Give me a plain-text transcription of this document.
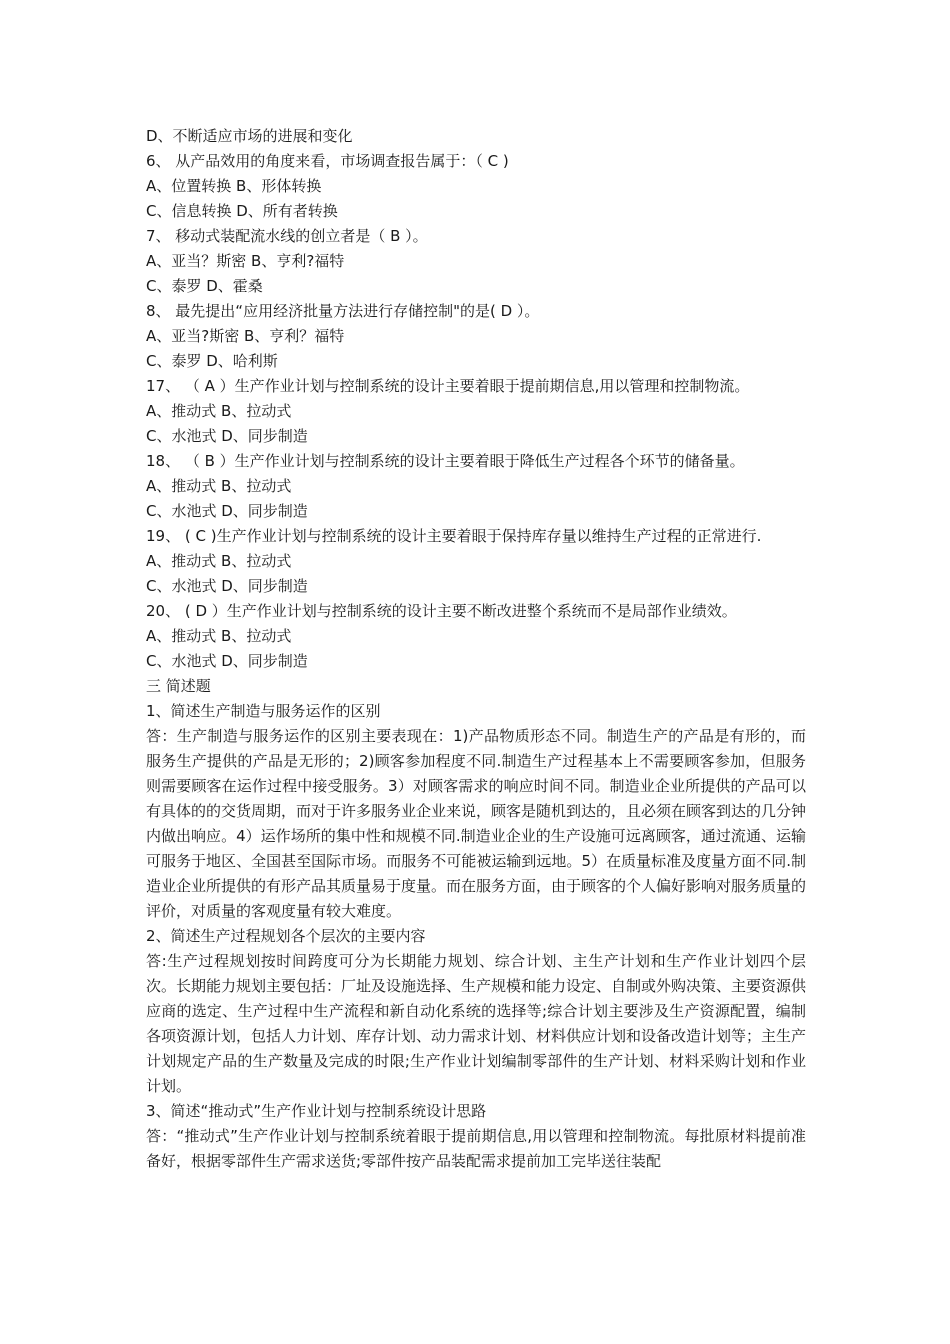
D、不断适应市场的进展和变化

6、 从产品效用的角度来看，市场调查报告属于：（ C )

A、位置转换 B、形体转换

C、信息转换 D、所有者转换

7、 移动式装配流水线的创立者是（ B ）。

A、亚当？斯密 B、亨利?福特

C、泰罗 D、霍桑

8、 最先提出“应用经济批量方法进行存储控制"的是( D ）。

A、亚当?斯密 B、亨利？福特

C、泰罗 D、哈利斯

17、 （ A ）生产作业计划与控制系统的设计主要着眼于提前期信息,用以管理和控制物流。

A、推动式 B、拉动式

C、水池式 D、同步制造

18、 （ B ）生产作业计划与控制系统的设计主要着眼于降低生产过程各个环节的储备量。

A、推动式 B、拉动式

C、水池式 D、同步制造

19、 ( C )生产作业计划与控制系统的设计主要着眼于保持库存量以维持生产过程的正常进行.

A、推动式 B、拉动式

C、水池式 D、同步制造

20、 ( D ）生产作业计划与控制系统的设计主要不断改进整个系统而不是局部作业绩效。

A、推动式 B、拉动式

C、水池式 D、同步制造

三 简述题

1、简述生产制造与服务运作的区别

答：生产制造与服务运作的区别主要表现在：1)产品物质形态不同。制造生产的产品是有形的，而服务生产提供的产品是无形的；2)顾客参加程度不同.制造生产过程基本上不需要顾客参加，但服务则需要顾客在运作过程中接受服务。3）对顾客需求的响应时间不同。制造业企业所提供的产品可以有具体的的交货周期，而对于许多服务业企业来说，顾客是随机到达的，且必须在顾客到达的几分钟内做出响应。4）运作场所的集中性和规模不同.制造业企业的生产设施可远离顾客，通过流通、运输可服务于地区、全国甚至国际市场。而服务不可能被运输到远地。5）在质量标准及度量方面不同.制造业企业所提供的有形产品其质量易于度量。而在服务方面，由于顾客的个人偏好影响对服务质量的评价，对质量的客观度量有较大难度。

2、简述生产过程规划各个层次的主要内容

答:生产过程规划按时间跨度可分为长期能力规划、综合计划、主生产计划和生产作业计划四个层次。长期能力规划主要包括：厂址及设施选择、生产规模和能力设定、自制或外购决策、主要资源供应商的选定、生产过程中生产流程和新自动化系统的选择等;综合计划主要涉及生产资源配置，编制各项资源计划，包括人力计划、库存计划、动力需求计划、材料供应计划和设备改造计划等；主生产计划规定产品的生产数量及完成的时限;生产作业计划编制零部件的生产计划、材料采购计划和作业计划。

3、简述“推动式”生产作业计划与控制系统设计思路

答：“推动式”生产作业计划与控制系统着眼于提前期信息,用以管理和控制物流。每批原材料提前准备好，根据零部件生产需求送货;零部件按产品装配需求提前加工完毕送往装配
